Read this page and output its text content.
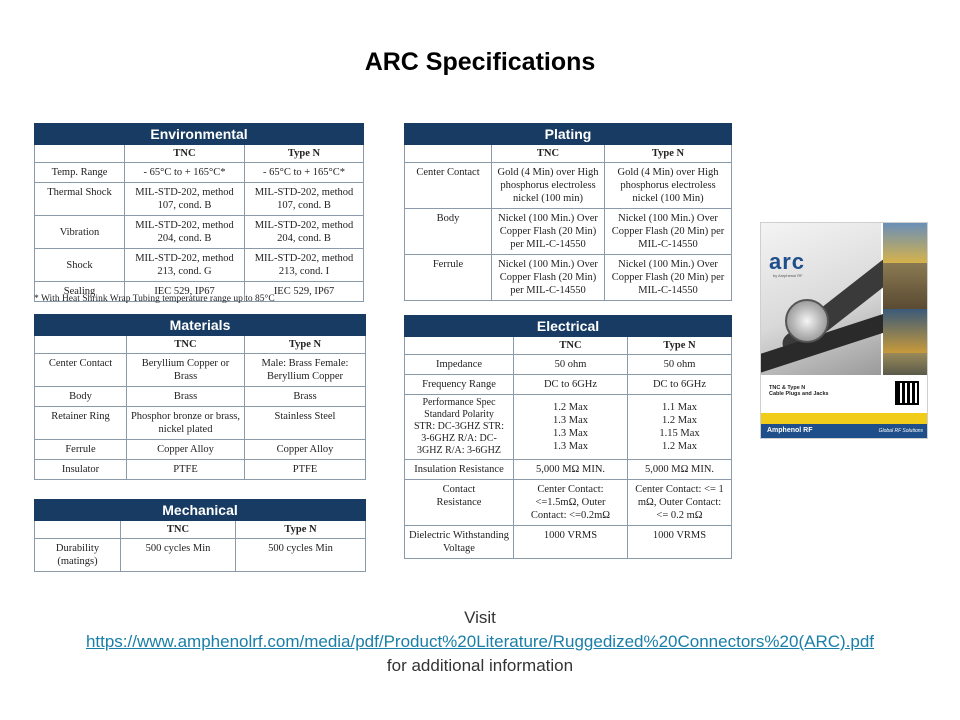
ARC Specifications
Environmental		
	TNC	Type N
Temp. Range	- 65°C to + 165°C*	- 65°C to + 165°C*
Thermal Shock	MIL-STD-202, method 107, cond. B	MIL-STD-202, method 107, cond. B
Vibration	MIL-STD-202, method 204, cond. B	MIL-STD-202, method 204, cond. B
Shock	MIL-STD-202, method 213, cond. G	MIL-STD-202, method 213, cond. I
Sealing	IEC 529, IP67	IEC 529, IP67
* With Heat Shrink Wrap Tubing temperature range up to 85°C
Materials		
	TNC	Type N
Center Contact	Beryllium Copper or Brass	Male: Brass Female: Beryllium Copper
Body	Brass	Brass
Retainer Ring	Phosphor bronze or brass, nickel plated	Stainless Steel
Ferrule	Copper Alloy	Copper Alloy
Insulator	PTFE	PTFE
Mechanical		
	TNC	Type N
Durability (matings)	500 cycles Min	500 cycles Min
Plating		
	TNC	Type N
Center Contact	Gold (4 Min) over High phosphorus electroless nickel (100 min)	Gold (4 Min) over High phosphorus electroless nickel (100 Min)
Body	Nickel (100 Min.) Over Copper Flash (20 Min) per MIL-C-14550	Nickel (100 Min.) Over Copper Flash (20 Min) per MIL-C-14550
Ferrule	Nickel (100 Min.) Over Copper Flash (20 Min) per MIL-C-14550	Nickel (100 Min.) Over Copper Flash (20 Min) per MIL-C-14550
Electrical		
	TNC	Type N
Impedance	50 ohm	50 ohm
Frequency Range	DC to 6GHz	DC to 6GHz
Performance Spec Standard Polarity STR: DC-3GHZ STR: 3-6GHZ R/A: DC-3GHZ R/A: 3-6GHZ	1.2 Max 1.3 Max 1.3 Max 1.3 Max	1.1 Max 1.2 Max 1.15 Max 1.2 Max
Insulation Resistance	5,000 MΩ MIN.	5,000 MΩ MIN.
Contact Resistance	Center Contact: <=1.5mΩ, Outer Contact: <=0.2mΩ	Center Contact: <= 1 mΩ, Outer Contact: <= 0.2 mΩ
Dielectric Withstanding Voltage	1000 VRMS	1000 VRMS
arc
by Amphenol RF
TNC & Type N
Cable Plugs and Jacks
Amphenol RF	Global RF Solutions
Visit
https://www.amphenolrf.com/media/pdf/Product%20Literature/Ruggedized%20Connectors%20(ARC).pdf
for additional information
